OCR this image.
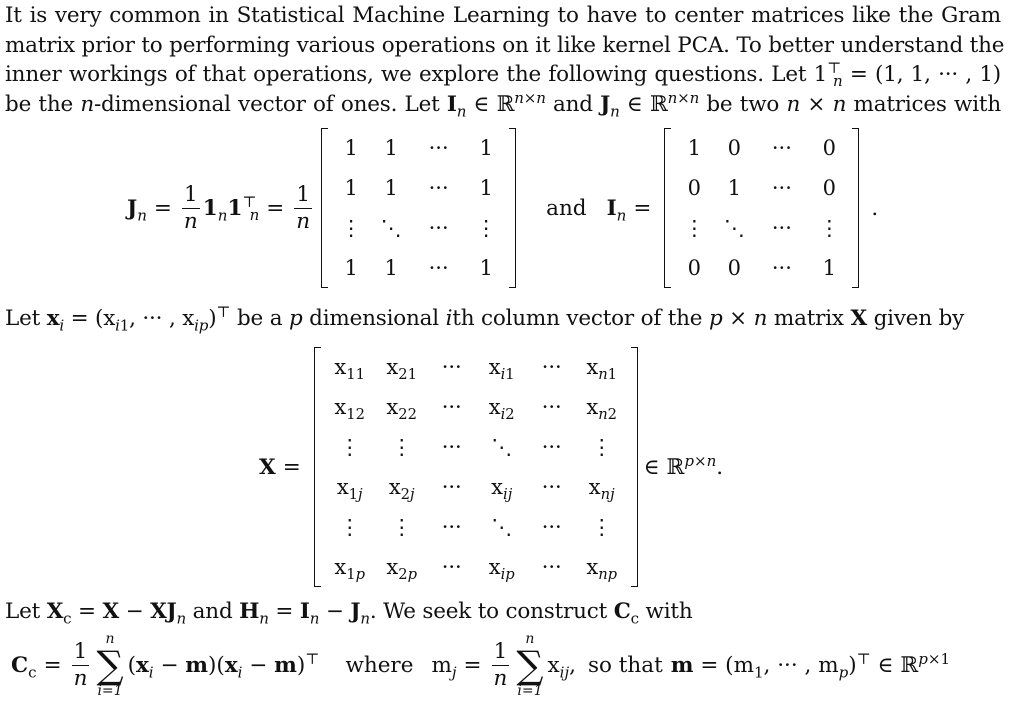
It is very common in Statistical Machine Learning to have to center matrices like the Gram
matrix prior to performing various operations on it like kernel PCA. To better understand the
inner workings of that operations, we explore the following questions. Let $1^⊤_n = (1$, 1, ··· , 1)
be the n-dimensional vector of ones. Let $I_n$ ∈ ℝ$^{n\times n}$ and $J_n$ ∈ ℝ$^{n\times n}$ be two n × n matrices with
$J_n = \frac{1}{n} 1_n1^⊤_n = \frac{1}{n}$
1 1 ··· 1
1 1 ··· 1
⋮ ⋱ ··· ⋮
1 1 ··· 1
and $I_n$ =
1 0 ··· 0
0 1 ··· 0
⋮ ⋱ ··· ⋮
0 0 ··· 1
.
Let $x_i = (x_{i1}$, ··· , $x_{ip})^⊤$ be a p dimensional ith column vector of the p × n matrix X given by
X =
$x_{11}$ $x_{21}$ ··· $x_{i1}$ ··· $x_{n1}$
$x_{12}$ $x_{22}$ ··· $x_{i2}$ ··· $x_{n2}$
⋮ ⋮ ··· ⋱ ··· ⋮
$x_{1j}$ $x_{2j}$ ··· $x_{ij}$ ··· $x_{nj}$
⋮ ⋮ ··· ⋱ ··· ⋮
$x_{1p}$ $x_{2p}$ ··· $x_{ip}$ ··· $x_{np}$
∈ ℝ$^{p\times n}$.
Let $X_c = X - XJ_n$ and $H_n = I_n - J_n$. We seek to construct $C_c$ with
$C_c = \frac{1}{n}$
n
∑
i=1
$(x_i - m)(x_i - m)^⊤$ where $m_j = \frac{1}{n}$
n
∑
i=1
$x_{ij}$, so that $m = (m_1$, ··· , $m_p)^⊤$ ∈ ℝ$^{p\times 1}$
